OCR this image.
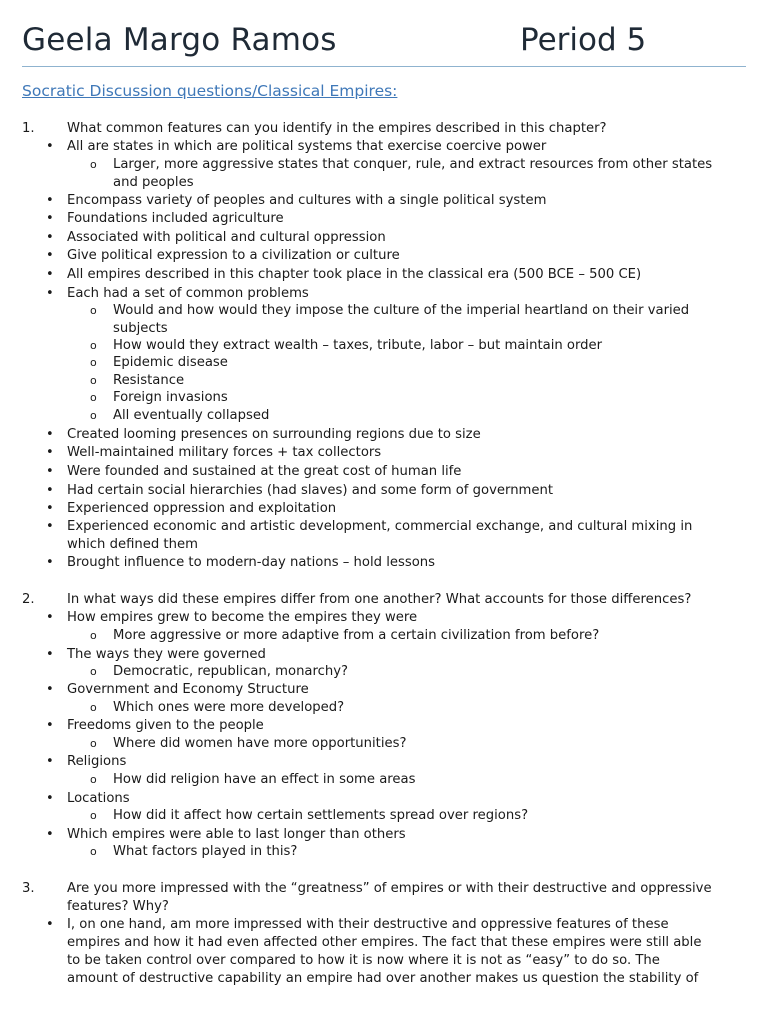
Geela Margo Ramos	Period 5
Socratic Discussion questions/Classical Empires:
1. What common features can you identify in the empires described in this chapter?
• All are states in which are political systems that exercise coercive power
o Larger, more aggressive states that conquer, rule, and extract resources from other states
and peoples
• Encompass variety of peoples and cultures with a single political system
• Foundations included agriculture
• Associated with political and cultural oppression
• Give political expression to a civilization or culture
• All empires described in this chapter took place in the classical era (500 BCE – 500 CE)
• Each had a set of common problems
o Would and how would they impose the culture of the imperial heartland on their varied
subjects
o How would they extract wealth – taxes, tribute, labor – but maintain order
o Epidemic disease
o Resistance
o Foreign invasions
o All eventually collapsed
• Created looming presences on surrounding regions due to size
• Well-maintained military forces + tax collectors
• Were founded and sustained at the great cost of human life
• Had certain social hierarchies (had slaves) and some form of government
• Experienced oppression and exploitation
• Experienced economic and artistic development, commercial exchange, and cultural mixing in
which defined them
• Brought influence to modern-day nations – hold lessons
2. In what ways did these empires differ from one another? What accounts for those differences?
• How empires grew to become the empires they were
o More aggressive or more adaptive from a certain civilization from before?
• The ways they were governed
o Democratic, republican, monarchy?
• Government and Economy Structure
o Which ones were more developed?
• Freedoms given to the people
o Where did women have more opportunities?
• Religions
o How did religion have an effect in some areas
• Locations
o How did it affect how certain settlements spread over regions?
• Which empires were able to last longer than others
o What factors played in this?
3. Are you more impressed with the “greatness” of empires or with their destructive and oppressive
features? Why?
• I, on one hand, am more impressed with their destructive and oppressive features of these
empires and how it had even affected other empires. The fact that these empires were still able
to be taken control over compared to how it is now where it is not as “easy” to do so. The
amount of destructive capability an empire had over another makes us question the stability of
